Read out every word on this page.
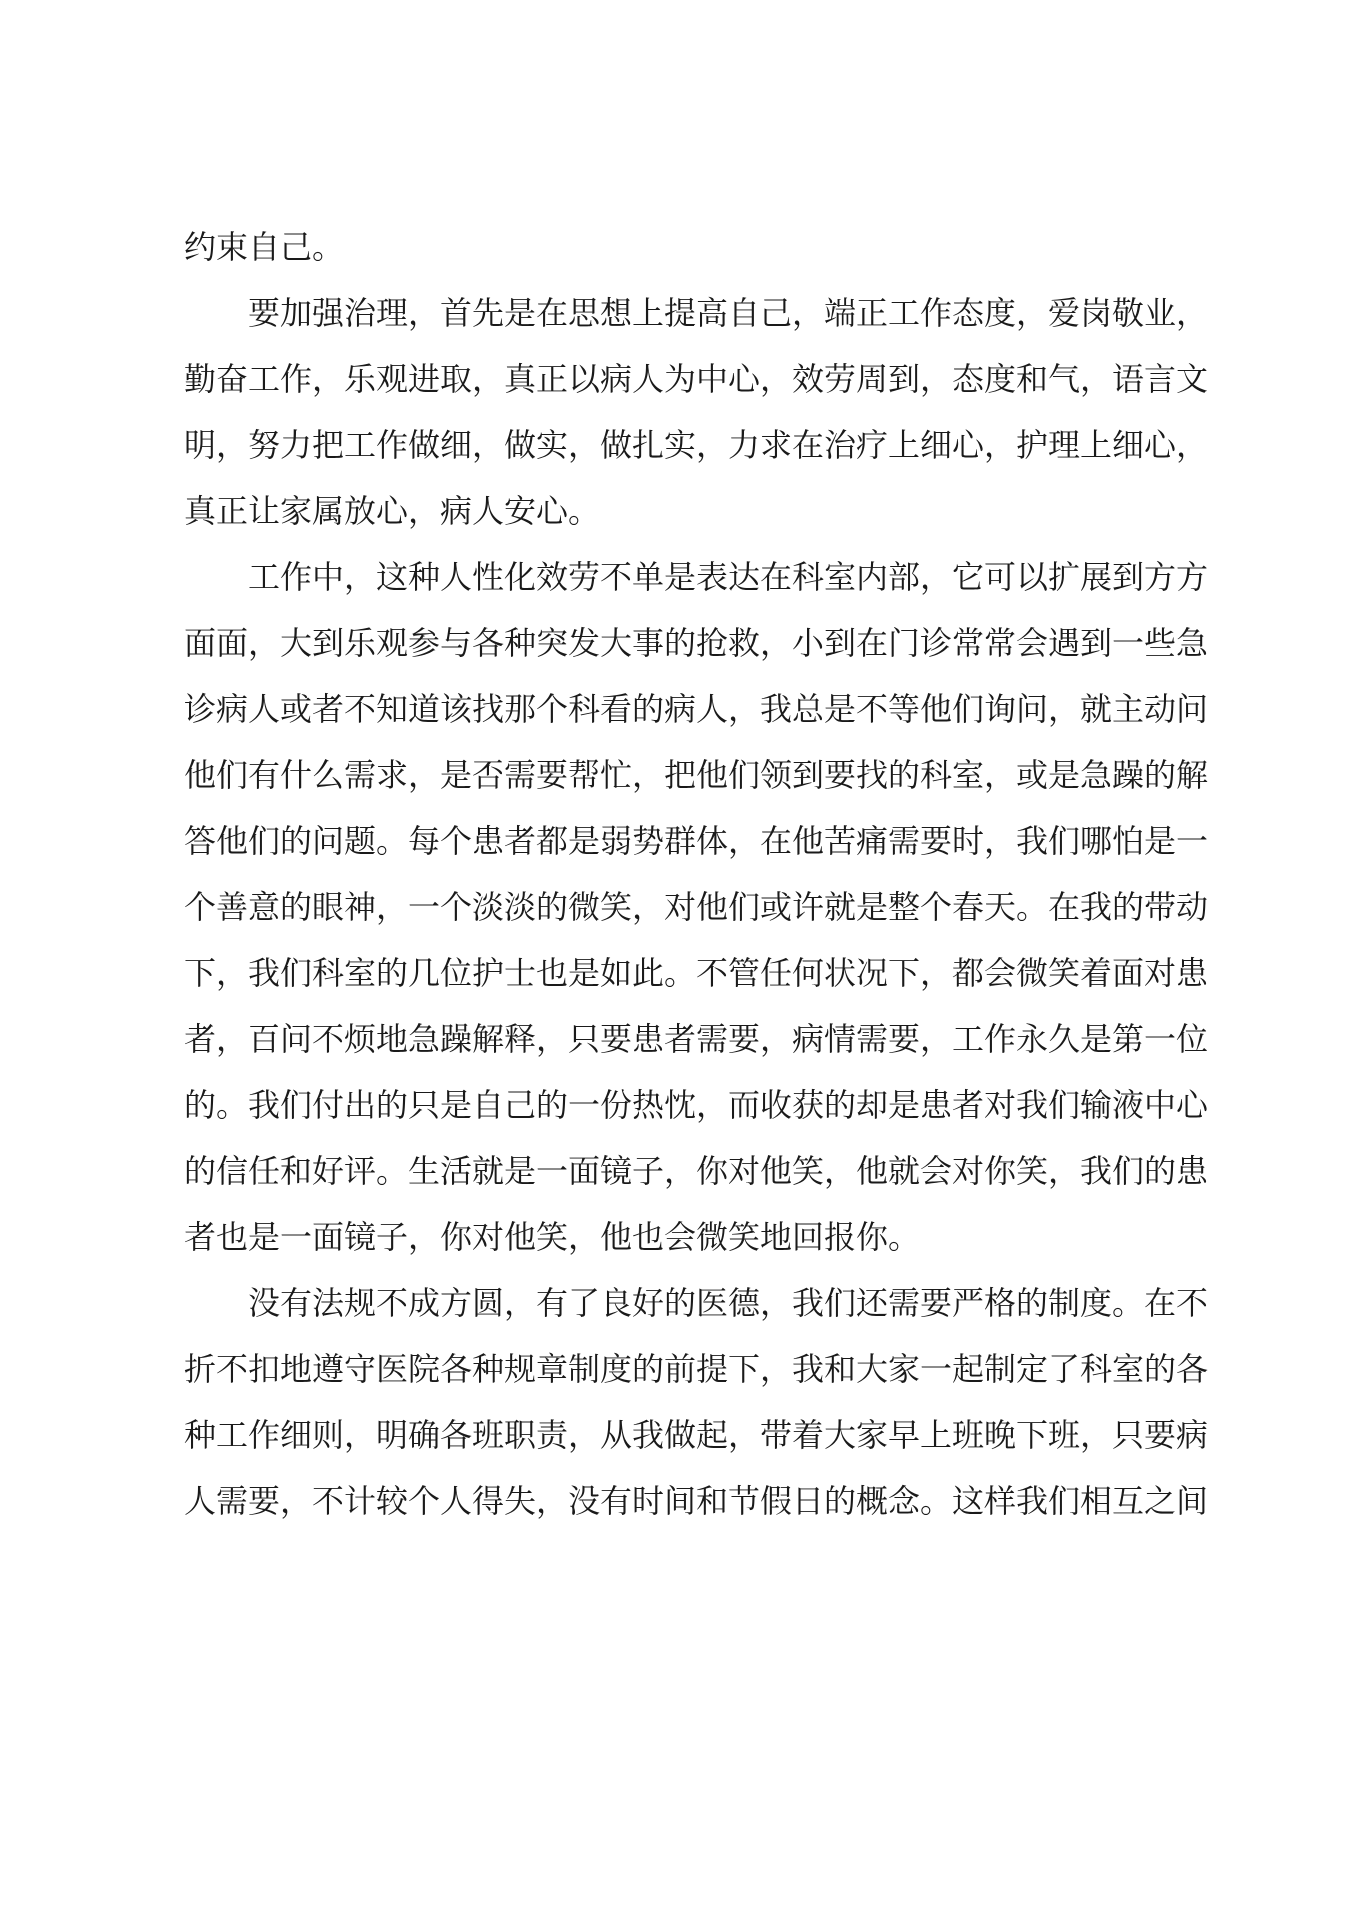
约束自己。
要加强治理，首先是在思想上提高自己，端正工作态度，爱岗敬业，
勤奋工作，乐观进取，真正以病人为中心，效劳周到，态度和气，语言文
明，努力把工作做细，做实，做扎实，力求在治疗上细心，护理上细心，
真正让家属放心，病人安心。
工作中，这种人性化效劳不单是表达在科室内部，它可以扩展到方方
面面，大到乐观参与各种突发大事的抢救，小到在门诊常常会遇到一些急
诊病人或者不知道该找那个科看的病人，我总是不等他们询问，就主动问
他们有什么需求，是否需要帮忙，把他们领到要找的科室，或是急躁的解
答他们的问题。每个患者都是弱势群体，在他苦痛需要时，我们哪怕是一
个善意的眼神，一个淡淡的微笑，对他们或许就是整个春天。在我的带动
下，我们科室的几位护士也是如此。不管任何状况下，都会微笑着面对患
者，百问不烦地急躁解释，只要患者需要，病情需要，工作永久是第一位
的。我们付出的只是自己的一份热忱，而收获的却是患者对我们输液中心
的信任和好评。生活就是一面镜子，你对他笑，他就会对你笑，我们的患
者也是一面镜子，你对他笑，他也会微笑地回报你。
没有法规不成方圆，有了良好的医德，我们还需要严格的制度。在不
折不扣地遵守医院各种规章制度的前提下，我和大家一起制定了科室的各
种工作细则，明确各班职责，从我做起，带着大家早上班晚下班，只要病
人需要，不计较个人得失，没有时间和节假日的概念。这样我们相互之间
